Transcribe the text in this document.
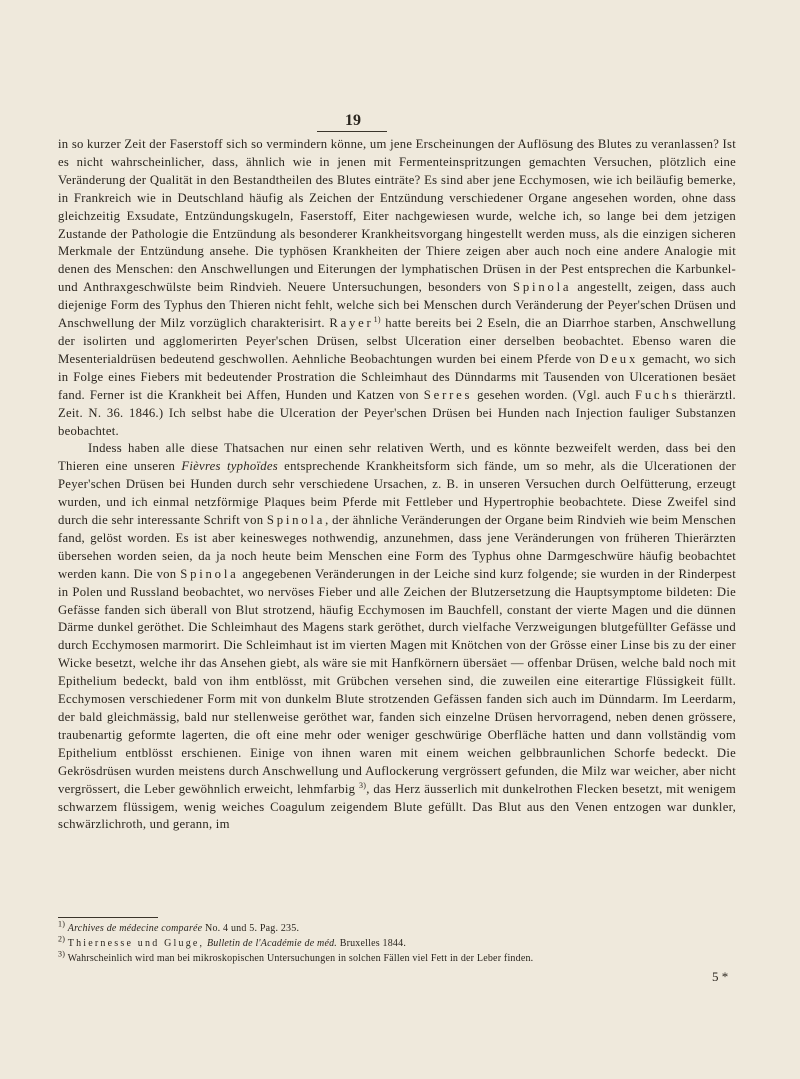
19

in so kurzer Zeit der Faserstoff sich so vermindern könne, um jene Erscheinungen der Auflösung des Blutes zu veranlassen? Ist es nicht wahrscheinlicher, dass, ähnlich wie in jenen mit Fermenteinspritzungen gemachten Versuchen, plötzlich eine Veränderung der Qualität in den Bestandtheilen des Blutes einträte? Es sind aber jene Ecchymosen, wie ich beiläufig bemerke, in Frankreich wie in Deutschland häufig als Zeichen der Entzündung verschiedener Organe angesehen worden, ohne dass gleichzeitig Exsudate, Entzündungskugeln, Faserstoff, Eiter nachgewiesen wurde, welche ich, so lange bei dem jetzigen Zustande der Pathologie die Entzündung als besonderer Krankheitsvorgang hingestellt werden muss, als die einzigen sicheren Merkmale der Entzündung ansehe. Die typhösen Krankheiten der Thiere zeigen aber auch noch eine andere Analogie mit denen des Menschen: den Anschwellungen und Eiterungen der lymphatischen Drüsen in der Pest entsprechen die Karbunkel- und Anthraxgeschwülste beim Rindvieh. Neuere Untersuchungen, besonders von Spinola angestellt, zeigen, dass auch diejenige Form des Typhus den Thieren nicht fehlt, welche sich bei Menschen durch Veränderung der Peyer'schen Drüsen und Anschwellung der Milz vorzüglich charakterisirt. Rayer$^{1)}$ hatte bereits bei 2 Eseln, die an Diarrhoe starben, Anschwellung der isolirten und agglomerirten Peyer'schen Drüsen, selbst Ulceration einer derselben beobachtet. Ebenso waren die Mesenterialdrüsen bedeutend geschwollen. Aehnliche Beobachtungen wurden bei einem Pferde von Deux gemacht, wo sich in Folge eines Fiebers mit bedeutender Prostration die Schleimhaut des Dünndarms mit Tausenden von Ulcerationen besäet fand. Ferner ist die Krankheit bei Affen, Hunden und Katzen von Serres gesehen worden. (Vgl. auch Fuchs thierärztl. Zeit. N. 36. 1846.) Ich selbst habe die Ulceration der Peyer'schen Drüsen bei Hunden nach Injection fauliger Substanzen beobachtet.

Indess haben alle diese Thatsachen nur einen sehr relativen Werth, und es könnte bezweifelt werden, dass bei den Thieren eine unseren Fièvres typhoïdes entsprechende Krankheitsform sich fände, um so mehr, als die Ulcerationen der Peyer'schen Drüsen bei Hunden durch sehr verschiedene Ursachen, z. B. in unseren Versuchen durch Oelfütterung, erzeugt wurden, und ich einmal netzförmige Plaques beim Pferde mit Fettleber und Hypertrophie beobachtete. Diese Zweifel sind durch die sehr interessante Schrift von Spinola, der ähnliche Veränderungen der Organe beim Rindvieh wie beim Menschen fand, gelöst worden. Es ist aber keinesweges nothwendig, anzunehmen, dass jene Veränderungen von früheren Thierärzten übersehen worden seien, da ja noch heute beim Menschen eine Form des Typhus ohne Darmgeschwüre häufig beobachtet werden kann. Die von Spinola angegebenen Veränderungen in der Leiche sind kurz folgende; sie wurden in der Rinderpest in Polen und Russland beobachtet, wo nervöses Fieber und alle Zeichen der Blutzersetzung die Hauptsymptome bildeten: Die Gefässe fanden sich überall von Blut strotzend, häufig Ecchymosen im Bauchfell, constant der vierte Magen und die dünnen Därme dunkel geröthet. Die Schleimhaut des Magens stark geröthet, durch vielfache Verzweigungen blutgefüllter Gefässe und durch Ecchymosen marmorirt. Die Schleimhaut ist im vierten Magen mit Knötchen von der Grösse einer Linse bis zu der einer Wicke besetzt, welche ihr das Ansehen giebt, als wäre sie mit Hanfkörnern übersäet — offenbar Drüsen, welche bald noch mit Epithelium bedeckt, bald von ihm entblösst, mit Grübchen versehen sind, die zuweilen eine eiterartige Flüssigkeit füllt. Ecchymosen verschiedener Form mit von dunkelm Blute strotzenden Gefässen fanden sich auch im Dünndarm. Im Leerdarm, der bald gleichmässig, bald nur stellenweise geröthet war, fanden sich einzelne Drüsen hervorragend, neben denen grössere, traubenartig geformte lagerten, die oft eine mehr oder weniger geschwürige Oberfläche hatten und dann vollständig vom Epithelium entblösst erschienen. Einige von ihnen waren mit einem weichen gelbbraunlichen Schorfe bedeckt. Die Gekrösdrüsen wurden meistens durch Anschwellung und Auflockerung vergrössert gefunden, die Milz war weicher, aber nicht vergrössert, die Leber gewöhnlich erweicht, lehmfarbig $^{3)}$, das Herz äusserlich mit dunkelrothen Flecken besetzt, mit wenigem schwarzem flüssigem, wenig weiches Coagulum zeigendem Blute gefüllt. Das Blut aus den Venen entzogen war dunkler, schwärzlichroth, und gerann, im

$^{1)}$ Archives de médecine comparée No. 4 und 5. Pag. 235.
$^{2)}$ Thiernesse und Gluge, Bulletin de l'Académie de méd. Bruxelles 1844.
$^{3)}$ Wahrscheinlich wird man bei mikroskopischen Untersuchungen in solchen Fällen viel Fett in der Leber finden.
5 *
